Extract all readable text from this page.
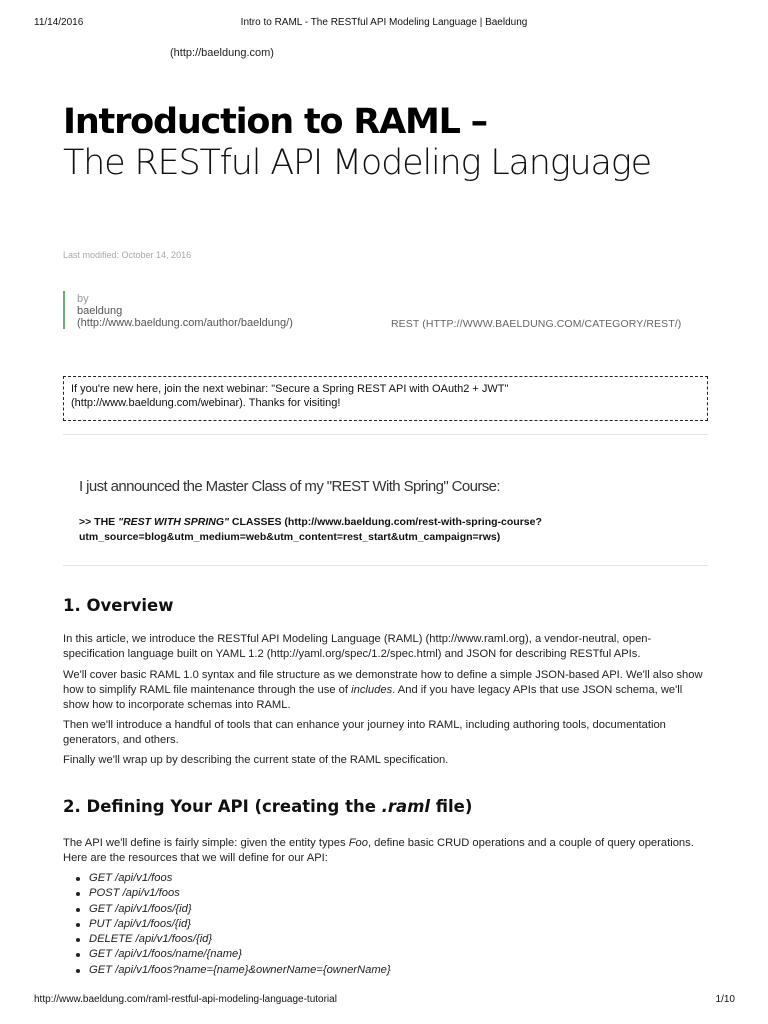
11/14/2016	Intro to RAML - The RESTful API Modeling Language | Baeldung
(http://baeldung.com)
Introduction to RAML –
The RESTful API Modeling Language
Last modified: October 14, 2016
by
baeldung
(http://www.baeldung.com/author/baeldung/)	REST (HTTP://WWW.BAELDUNG.COM/CATEGORY/REST/)
If you're new here, join the next webinar: "Secure a Spring REST API with OAuth2 + JWT"
(http://www.baeldung.com/webinar). Thanks for visiting!
I just announced the Master Class of my "REST With Spring" Course:
>> THE "REST WITH SPRING" CLASSES (http://www.baeldung.com/rest-with-spring-course?utm_source=blog&utm_medium=web&utm_content=rest_start&utm_campaign=rws)
1. Overview

In this article, we introduce the RESTful API Modeling Language (RAML) (http://www.raml.org), a vendor-neutral, open-specification language built on YAML 1.2 (http://yaml.org/spec/1.2/spec.html) and JSON for describing RESTful APIs.

We'll cover basic RAML 1.0 syntax and file structure as we demonstrate how to define a simple JSON-based API. We'll also show how to simplify RAML file maintenance through the use of includes. And if you have legacy APIs that use JSON schema, we'll show how to incorporate schemas into RAML.

Then we'll introduce a handful of tools that can enhance your journey into RAML, including authoring tools, documentation generators, and others.

Finally we'll wrap up by describing the current state of the RAML specification.

2. Defining Your API (creating the .raml file)

The API we'll define is fairly simple: given the entity types Foo, define basic CRUD operations and a couple of query operations. Here are the resources that we will define for our API:

GET /api/v1/foos
POST /api/v1/foos
GET /api/v1/foos/{id}
PUT /api/v1/foos/{id}
DELETE /api/v1/foos/{id}
GET /api/v1/foos/name/{name}
GET /api/v1/foos?name={name}&ownerName={ownerName}
http://www.baeldung.com/raml-restful-api-modeling-language-tutorial	1/10
